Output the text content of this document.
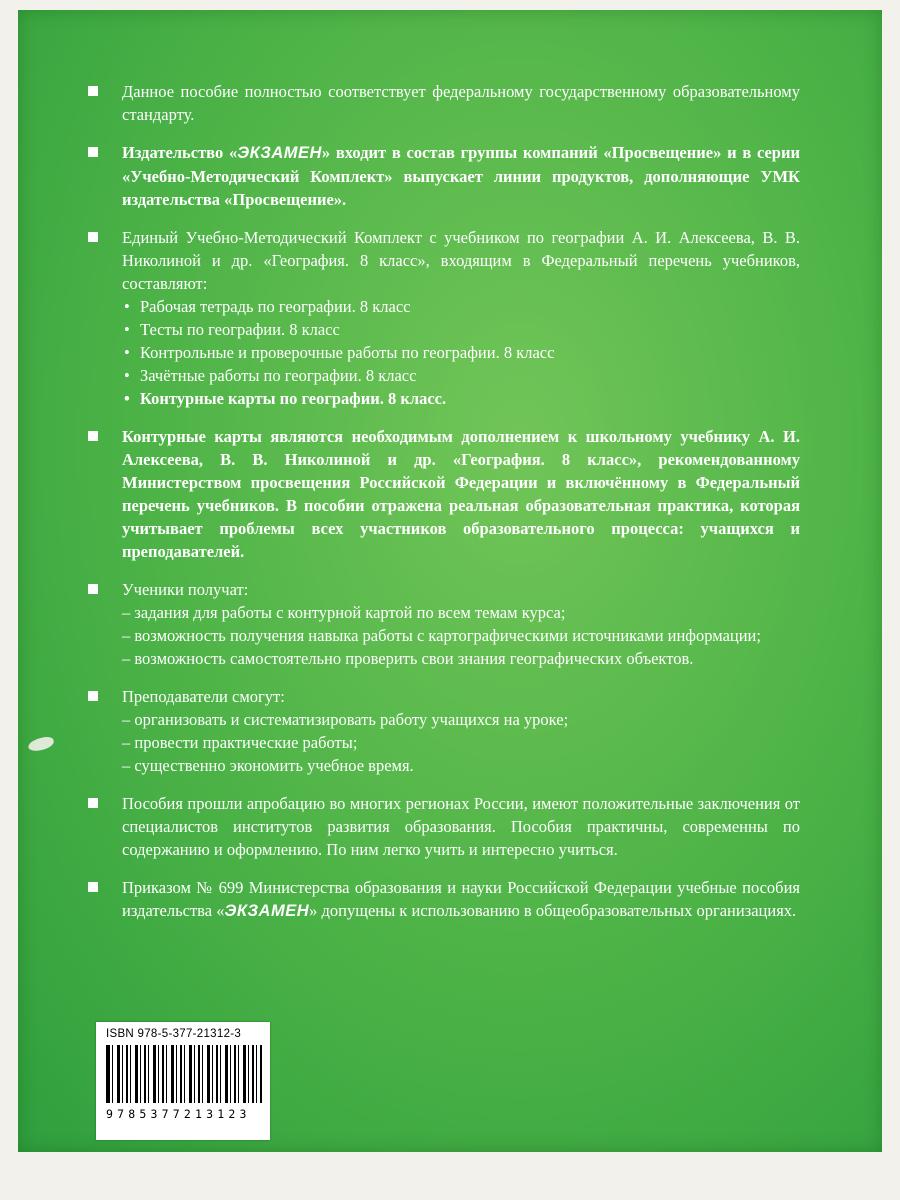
Данное пособие полностью соответствует федеральному государственному образовательному стандарту.

Издательство «ЭКЗАМЕН» входит в состав группы компаний «Просвещение» и в серии «Учебно-Методический Комплект» выпускает линии продуктов, дополняющие УМК издательства «Просвещение».

Единый Учебно-Методический Комплект с учебником по географии А. И. Алексеева, В. В. Николиной и др. «География. 8 класс», входящим в Федеральный перечень учебников, составляют:

• Рабочая тетрадь по географии. 8 класс
• Тесты по географии. 8 класс
• Контрольные и проверочные работы по географии. 8 класс
• Зачётные работы по географии. 8 класс
• Контурные карты по географии. 8 класс.

Контурные карты являются необходимым дополнением к школьному учебнику А. И. Алексеева, В. В. Николиной и др. «География. 8 класс», рекомендованному Министерством просвещения Российской Федерации и включённому в Федеральный перечень учебников. В пособии отражена реальная образовательная практика, которая учитывает проблемы всех участников образовательного процесса: учащихся и преподавателей.

Ученики получат:

– задания для работы с контурной картой по всем темам курса;

– возможность получения навыка работы с картографическими источниками информации;

– возможность самостоятельно проверить свои знания географических объектов.

Преподаватели смогут:

– организовать и систематизировать работу учащихся на уроке;

– провести практические работы;

– существенно экономить учебное время.

Пособия прошли апробацию во многих регионах России, имеют положительные заключения от специалистов институтов развития образования. Пособия практичны, современны по содержанию и оформлению. По ним легко учить и интересно учиться.

Приказом № 699 Министерства образования и науки Российской Федерации учебные пособия издательства «ЭКЗАМЕН» допущены к использованию в общеобразовательных организациях.

ISBN 978-5-377-21312-3
9785377213123
